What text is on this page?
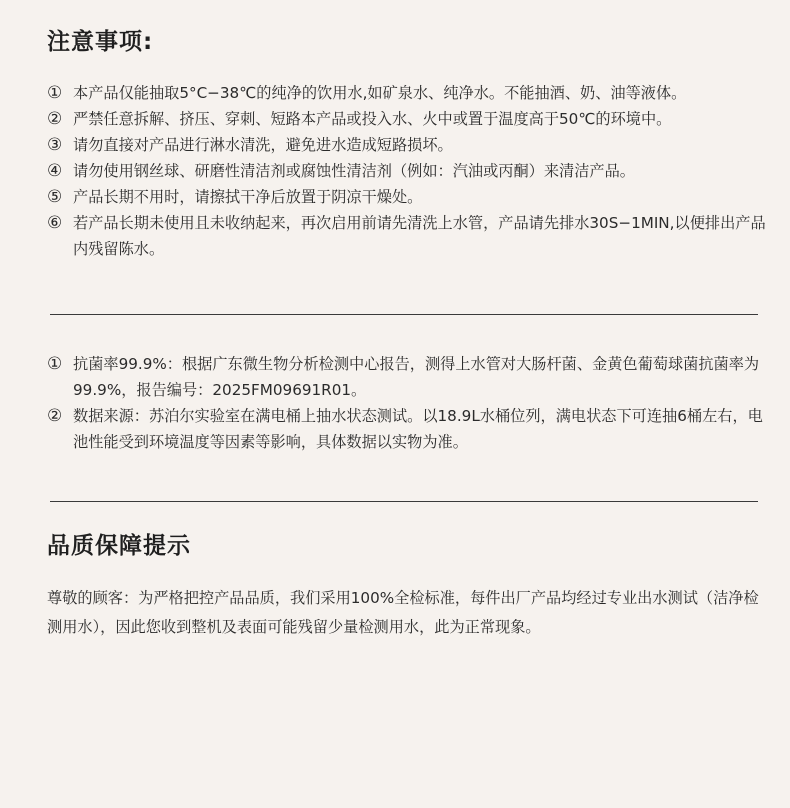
注意事项:
① 本产品仅能抽取5°C−38℃的纯净的饮用水,如矿泉水、纯净水。不能抽酒、奶、油等液体。
② 严禁任意拆解、挤压、穿刺、短路本产品或投入水、火中或置于温度高于50℃的环境中。
③ 请勿直接对产品进行淋水清洗，避免进水造成短路损坏。
④ 请勿使用钢丝球、研磨性清洁剂或腐蚀性清洁剂（例如：汽油或丙酮）来清洁产品。
⑤ 产品长期不用时，请擦拭干净后放置于阴凉干燥处。
⑥ 若产品长期未使用且未收纳起来，再次启用前请先清洗上水管，产品请先排水30S−1MIN,以便排出产品内残留陈水。
① 抗菌率99.9%：根据广东微生物分析检测中心报告，测得上水管对大肠杆菌、金黄色葡萄球菌抗菌率为99.9%，报告编号：2025FM09691R01。
② 数据来源：苏泊尔实验室在满电桶上抽水状态测试。以18.9L水桶位列，满电状态下可连抽6桶左右，电池性能受到环境温度等因素等影响，具体数据以实物为准。
品质保障提示

尊敬的顾客：为严格把控产品品质，我们采用100%全检标准，每件出厂产品均经过专业出水测试（洁净检测用水），因此您收到整机及表面可能残留少量检测用水，此为正常现象。
